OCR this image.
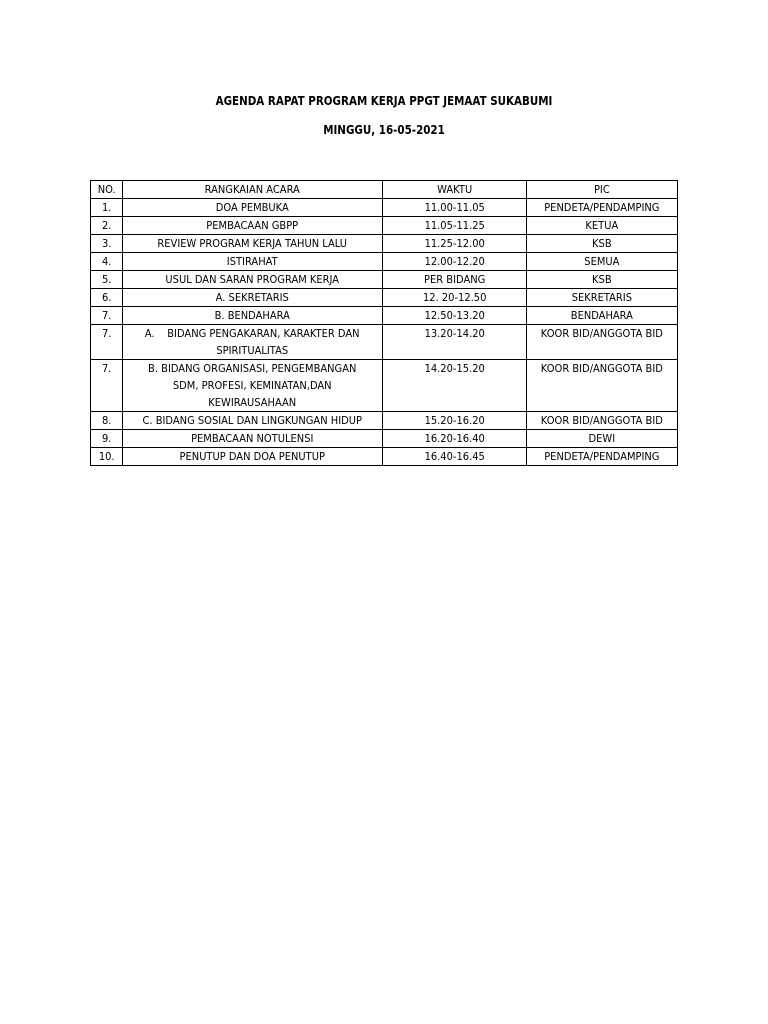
AGENDA RAPAT PROGRAM KERJA PPGT JEMAAT SUKABUMI
MINGGU, 16-05-2021
NO.	RANGKAIAN ACARA	WAKTU	PIC

1.	DOA PEMBUKA	11.00-11.05	PENDETA/PENDAMPING

2.	PEMBACAAN GBPP	11.05-11.25	KETUA

3.	REVIEW PROGRAM KERJA TAHUN LALU	11.25-12.00	KSB

4.	ISTIRAHAT	12.00-12.20	SEMUA

5.	USUL DAN SARAN PROGRAM KERJA	PER BIDANG	KSB

6.	A. SEKRETARIS	12. 20-12.50	SEKRETARIS

7.	B. BENDAHARA	12.50-13.20	BENDAHARA

7.	A.    BIDANG PENGAKARAN, KARAKTER DAN SPIRITUALITAS	13.20-14.20	KOOR BID/ANGGOTA BID

7.	B. BIDANG ORGANISASI, PENGEMBANGAN SDM, PROFESI, KEMINATAN,DAN KEWIRAUSAHAAN	14.20-15.20	KOOR BID/ANGGOTA BID

8.	C. BIDANG SOSIAL DAN LINGKUNGAN HIDUP	15.20-16.20	KOOR BID/ANGGOTA BID

9.	PEMBACAAN NOTULENSI	16.20-16.40	DEWI

10.	PENUTUP DAN DOA PENUTUP	16.40-16.45	PENDETA/PENDAMPING
